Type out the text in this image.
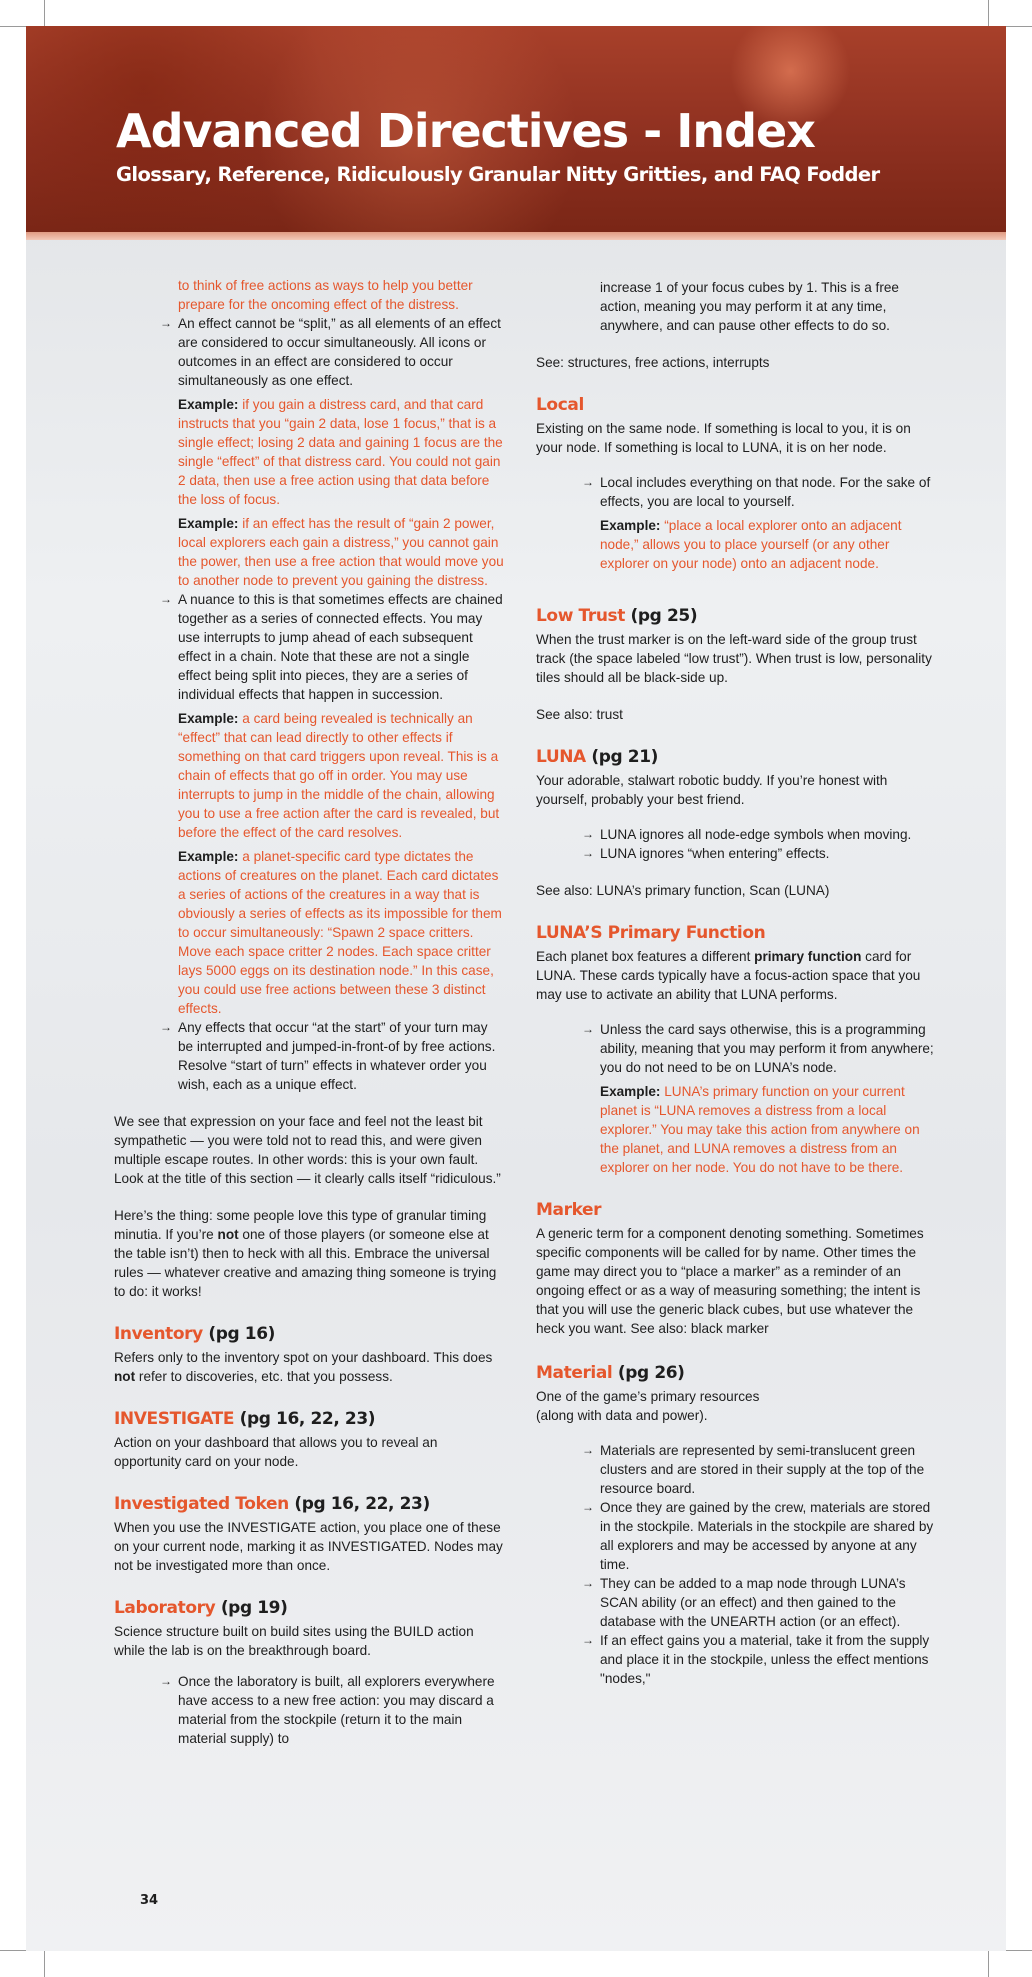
Advanced Directives - Index
Glossary, Reference, Ridiculously Granular Nitty Gritties, and FAQ Fodder

to think of free actions as ways to help you better prepare for the oncoming effect of the distress.

→ An effect cannot be “split,” as all elements of an effect are considered to occur simultaneously. All icons or outcomes in an effect are considered to occur simultaneously as one effect.

Example: if you gain a distress card, and that card instructs that you “gain 2 data, lose 1 focus,” that is a single effect; losing 2 data and gaining 1 focus are the single “effect” of that distress card. You could not gain 2 data, then use a free action using that data before the loss of focus.

Example: if an effect has the result of “gain 2 power, local explorers each gain a distress,” you cannot gain the power, then use a free action that would move you to another node to prevent you gaining the distress.

→ A nuance to this is that sometimes effects are chained together as a series of connected effects. You may use interrupts to jump ahead of each subsequent effect in a chain. Note that these are not a single effect being split into pieces, they are a series of individual effects that happen in succession.

Example: a card being revealed is technically an “effect” that can lead directly to other effects if something on that card triggers upon reveal. This is a chain of effects that go off in order. You may use interrupts to jump in the middle of the chain, allowing you to use a free action after the card is revealed, but before the effect of the card resolves.

Example: a planet-specific card type dictates the actions of creatures on the planet. Each card dictates a series of actions of the creatures in a way that is obviously a series of effects as its impossible for them to occur simultaneously: “Spawn 2 space critters. Move each space critter 2 nodes. Each space critter lays 5000 eggs on its destination node.” In this case, you could use free actions between these 3 distinct effects.

→ Any effects that occur “at the start” of your turn may be interrupted and jumped-in-front-of by free actions. Resolve “start of turn” effects in whatever order you wish, each as a unique effect.

We see that expression on your face and feel not the least bit sympathetic — you were told not to read this, and were given multiple escape routes. In other words: this is your own fault. Look at the title of this section — it clearly calls itself “ridiculous.”

Here’s the thing: some people love this type of granular timing minutia. If you’re not one of those players (or someone else at the table isn’t) then to heck with all this. Embrace the universal rules — whatever creative and amazing thing someone is trying to do: it works!

Inventory (pg 16)

Refers only to the inventory spot on your dashboard. This does not refer to discoveries, etc. that you possess.

INVESTIGATE (pg 16, 22, 23)

Action on your dashboard that allows you to reveal an opportunity card on your node.

Investigated Token (pg 16, 22, 23)

When you use the INVESTIGATE action, you place one of these on your current node, marking it as INVESTIGATED. Nodes may not be investigated more than once.

Laboratory (pg 19)

Science structure built on build sites using the BUILD action while the lab is on the breakthrough board.

→ Once the laboratory is built, all explorers everywhere have access to a new free action: you may discard a material from the stockpile (return it to the main material supply) to

increase 1 of your focus cubes by 1. This is a free action, meaning you may perform it at any time, anywhere, and can pause other effects to do so.

See: structures, free actions, interrupts

Local

Existing on the same node. If something is local to you, it is on your node. If something is local to LUNA, it is on her node.

→ Local includes everything on that node. For the sake of effects, you are local to yourself.

Example: “place a local explorer onto an adjacent node,” allows you to place yourself (or any other explorer on your node) onto an adjacent node.

Low Trust (pg 25)

When the trust marker is on the left-ward side of the group trust track (the space labeled “low trust”). When trust is low, personality tiles should all be black-side up.

See also: trust

LUNA (pg 21)

Your adorable, stalwart robotic buddy. If you’re honest with yourself, probably your best friend.

→ LUNA ignores all node-edge symbols when moving.
→ LUNA ignores “when entering” effects.

See also: LUNA’s primary function, Scan (LUNA)

LUNA’S Primary Function

Each planet box features a different primary function card for LUNA. These cards typically have a focus-action space that you may use to activate an ability that LUNA performs.

→ Unless the card says otherwise, this is a programming ability, meaning that you may perform it from anywhere; you do not need to be on LUNA’s node.

Example: LUNA’s primary function on your current planet is “LUNA removes a distress from a local explorer.” You may take this action from anywhere on the planet, and LUNA removes a distress from an explorer on her node. You do not have to be there.

Marker

A generic term for a component denoting something. Sometimes specific components will be called for by name. Other times the game may direct you to “place a marker” as a reminder of an ongoing effect or as a way of measuring something; the intent is that you will use the generic black cubes, but use whatever the heck you want. See also: black marker

Material (pg 26)

One of the game’s primary resources (along with data and power).

→ Materials are represented by semi-translucent green clusters and are stored in their supply at the top of the resource board.
→ Once they are gained by the crew, materials are stored in the stockpile. Materials in the stockpile are shared by all explorers and may be accessed by anyone at any time.
→ They can be added to a map node through LUNA’s SCAN ability (or an effect) and then gained to the database with the UNEARTH action (or an effect).
→ If an effect gains you a material, take it from the supply and place it in the stockpile, unless the effect mentions "nodes,"
34
